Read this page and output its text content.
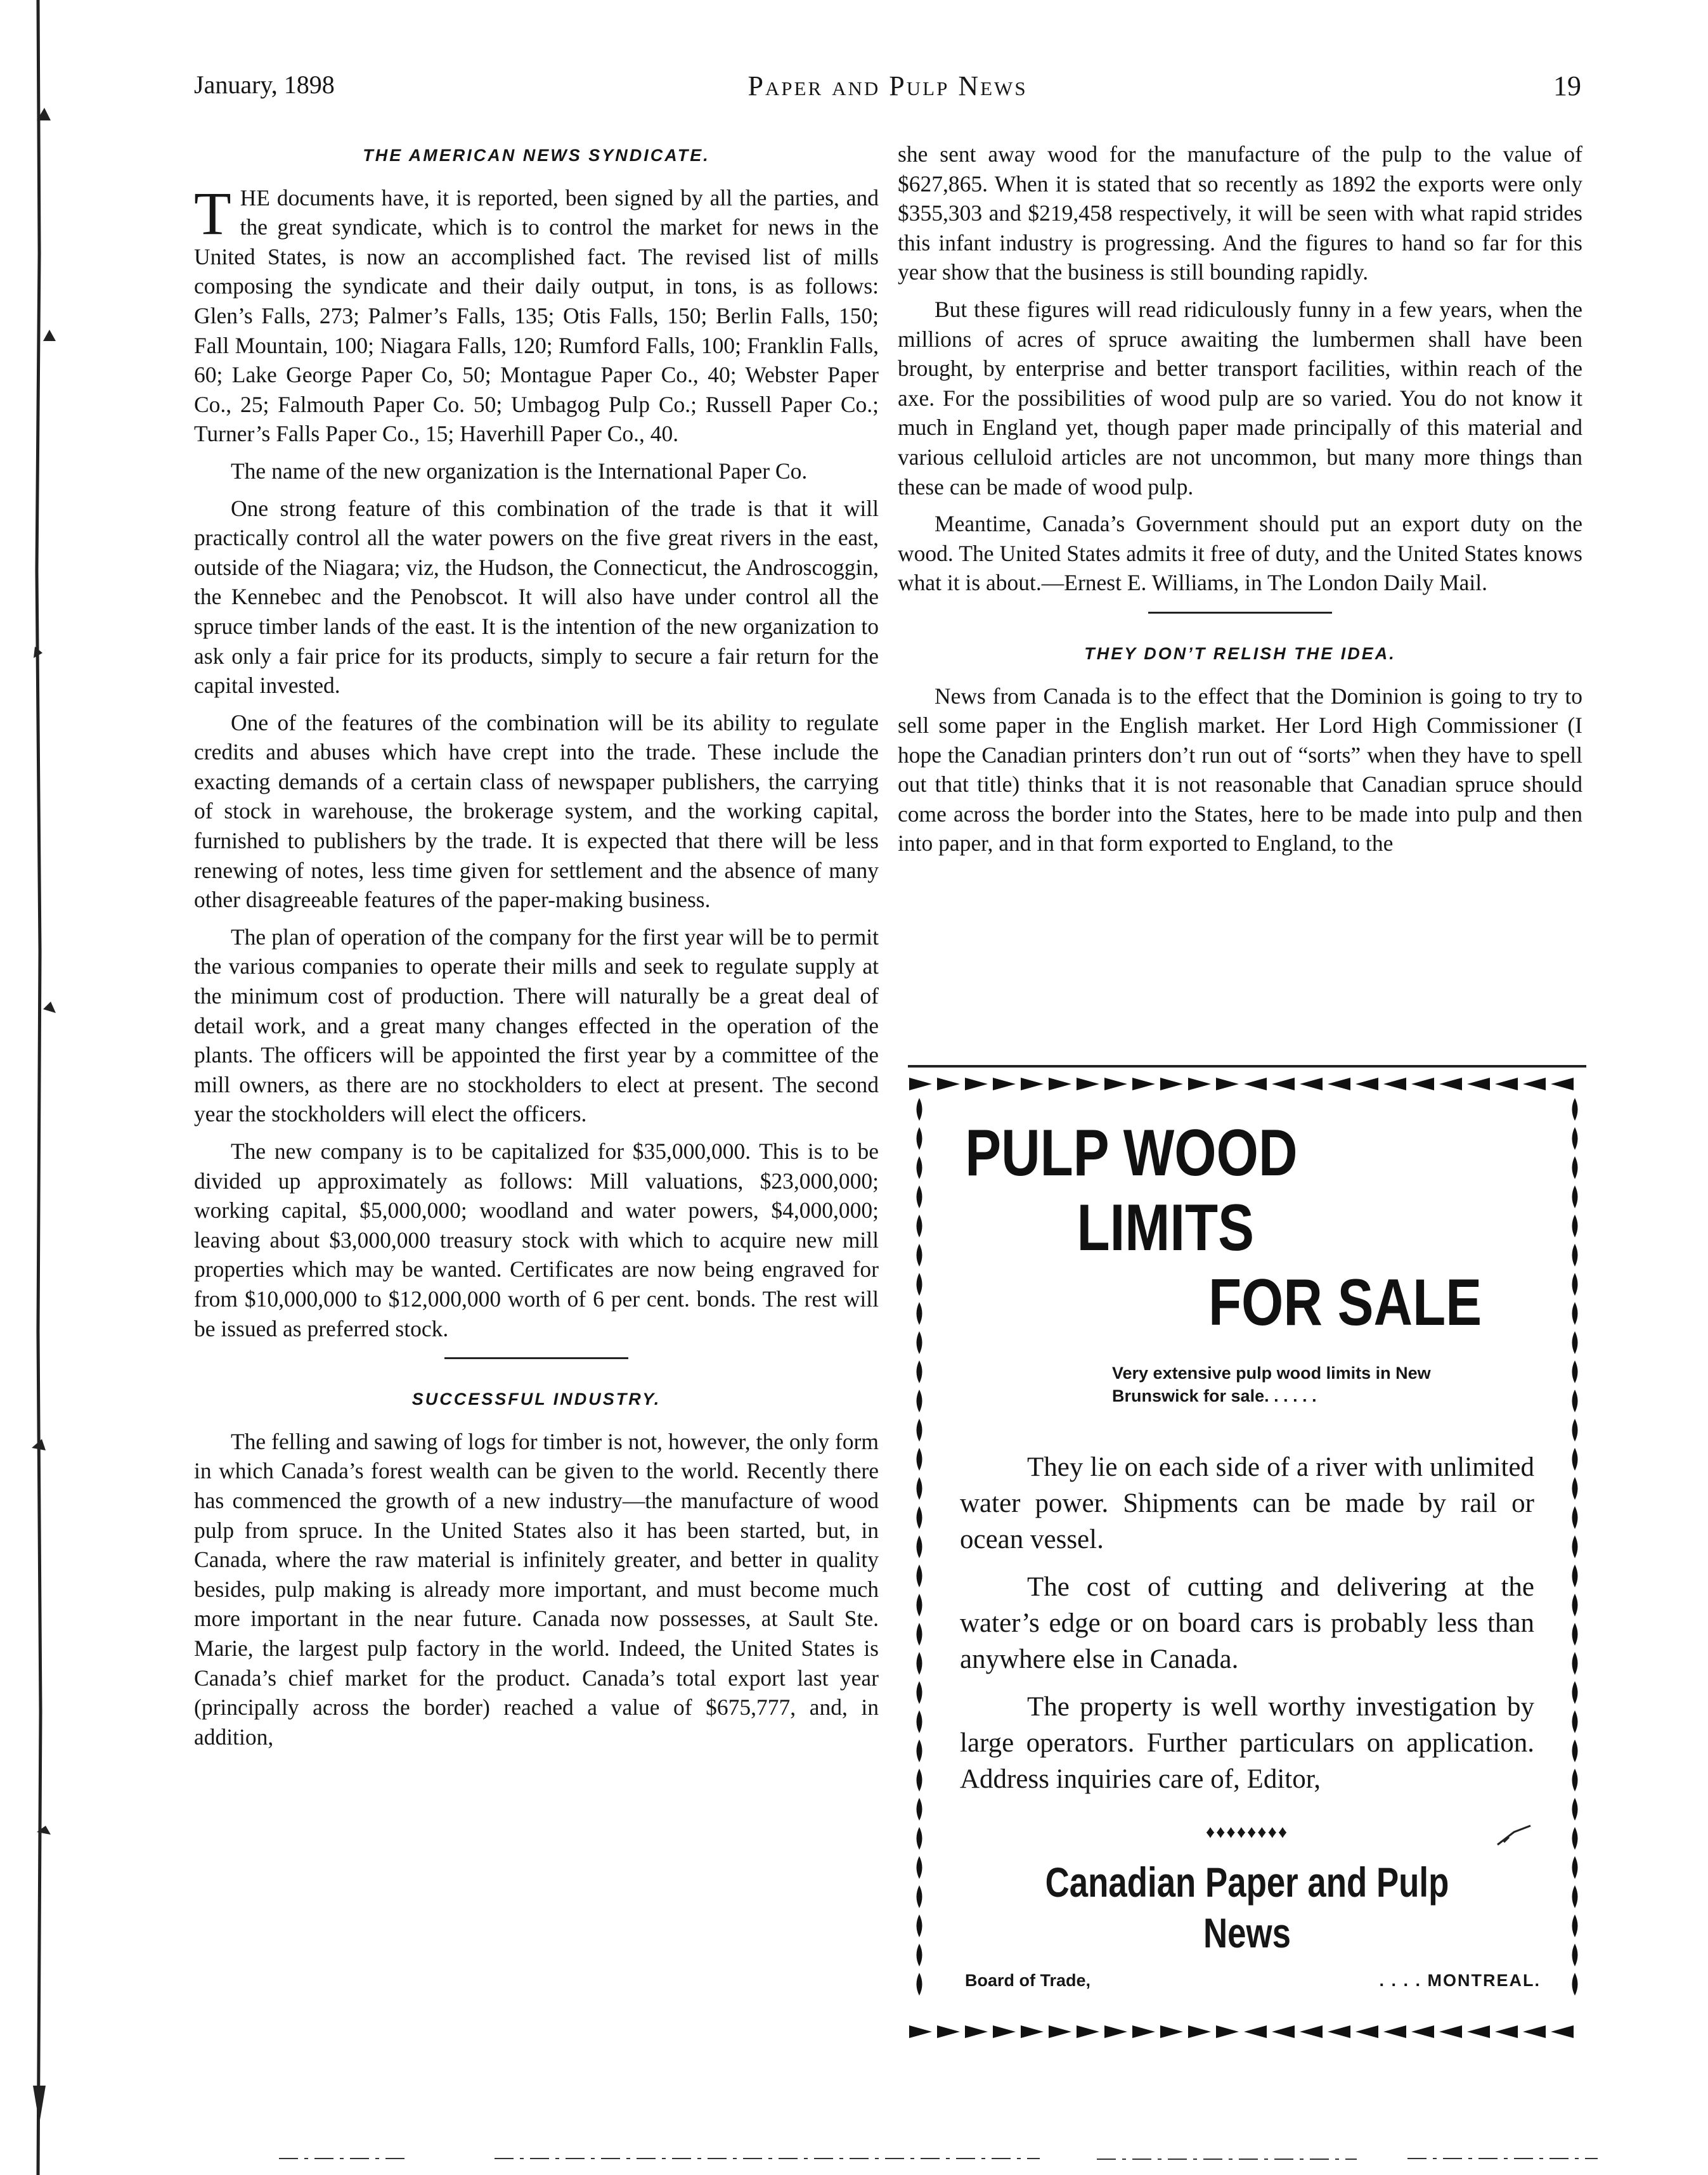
January, 1898	Paper and Pulp News	19
THE AMERICAN NEWS SYNDICATE.

THE documents have, it is reported, been signed by all the parties, and the great syndicate, which is to control the market for news in the United States, is now an accomplished fact. The revised list of mills composing the syndicate and their daily output, in tons, is as follows: Glen’s Falls, 273; Palmer’s Falls, 135; Otis Falls, 150; Berlin Falls, 150; Fall Mountain, 100; Niagara Falls, 120; Rumford Falls, 100; Franklin Falls, 60; Lake George Paper Co, 50; Montague Paper Co., 40; Webster Paper Co., 25; Falmouth Paper Co. 50; Umbagog Pulp Co.; Russell Paper Co.; Turner’s Falls Paper Co., 15; Haverhill Paper Co., 40.

The name of the new organization is the International Paper Co.

One strong feature of this combination of the trade is that it will practically control all the water powers on the five great rivers in the east, outside of the Niagara; viz, the Hudson, the Connecticut, the Androscoggin, the Kennebec and the Penobscot. It will also have under control all the spruce timber lands of the east. It is the intention of the new organization to ask only a fair price for its products, simply to secure a fair return for the capital invested.

One of the features of the combination will be its ability to regulate credits and abuses which have crept into the trade. These include the exacting demands of a certain class of newspaper publishers, the carrying of stock in warehouse, the brokerage system, and the working capital, furnished to publishers by the trade. It is expected that there will be less renewing of notes, less time given for settlement and the absence of many other disagreeable features of the paper-making business.

The plan of operation of the company for the first year will be to permit the various companies to operate their mills and seek to regulate supply at the minimum cost of production. There will naturally be a great deal of detail work, and a great many changes effected in the operation of the plants. The officers will be appointed the first year by a committee of the mill owners, as there are no stockholders to elect at present. The second year the stockholders will elect the officers.

The new company is to be capitalized for $35,000,000. This is to be divided up approximately as follows: Mill valuations, $23,000,000; working capital, $5,000,000; woodland and water powers, $4,000,000; leaving about $3,000,000 treasury stock with which to acquire new mill properties which may be wanted. Certificates are now being engraved for from $10,000,000 to $12,000,000 worth of 6 per cent. bonds. The rest will be issued as preferred stock.

SUCCESSFUL INDUSTRY.

The felling and sawing of logs for timber is not, however, the only form in which Canada’s forest wealth can be given to the world. Recently there has commenced the growth of a new industry—the manufacture of wood pulp from spruce. In the United States also it has been started, but, in Canada, where the raw material is infinitely greater, and better in quality besides, pulp making is already more important, and must become much more important in the near future. Canada now possesses, at Sault Ste. Marie, the largest pulp factory in the world. Indeed, the United States is Canada’s chief market for the product. Canada’s total export last year (principally across the border) reached a value of $675,777, and, in addition,

she sent away wood for the manufacture of the pulp to the value of $627,865. When it is stated that so recently as 1892 the exports were only $355,303 and $219,458 respectively, it will be seen with what rapid strides this infant industry is progressing. And the figures to hand so far for this year show that the business is still bounding rapidly.

But these figures will read ridiculously funny in a few years, when the millions of acres of spruce awaiting the lumbermen shall have been brought, by enterprise and better transport facilities, within reach of the axe. For the possibilities of wood pulp are so varied. You do not know it much in England yet, though paper made principally of this material and various celluloid articles are not uncommon, but many more things than these can be made of wood pulp.

Meantime, Canada’s Government should put an export duty on the wood. The United States admits it free of duty, and the United States knows what it is about.—Ernest E. Williams, in The London Daily Mail.

THEY DON’T RELISH THE IDEA.

News from Canada is to the effect that the Dominion is going to try to sell some paper in the English market. Her Lord High Commissioner (I hope the Canadian printers don’t run out of “sorts” when they have to spell out that title) thinks that it is not reasonable that Canadian spruce should come across the border into the States, here to be made into pulp and then into paper, and in that form exported to England, to the

PULP WOOD
LIMITS
FOR SALE
Very extensive pulp wood limits in New Brunswick for sale. . . . . .

They lie on each side of a river with unlimited water power. Shipments can be made by rail or ocean vessel.

The cost of cutting and delivering at the water’s edge or on board cars is probably less than anywhere else in Canada.

The property is well worthy investigation by large operators. Further particulars on application. Address inquiries care of, Editor,

♦♦♦♦♦♦♦♦
Canadian Paper and Pulp News
Board of Trade,	. . . . MONTREAL.
